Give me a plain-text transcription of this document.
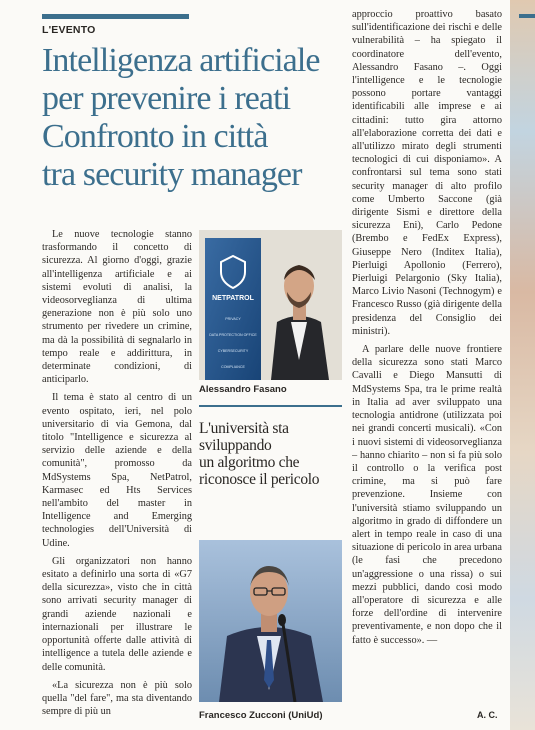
L'EVENTO
Intelligenza artificiale
per prevenire i reati
Confronto in città
tra security manager

Le nuove tecnologie stanno trasformando il concetto di sicurezza. Al giorno d'oggi, grazie all'intelligenza artificiale e ai sistemi evoluti di analisi, la videosorveglianza di ultima generazione non è più solo uno strumento per rivedere un crimine, ma dà la possibilità di segnalarlo in tempo reale e addirittura, in determinate condizioni, di anticiparlo.

Il tema è stato al centro di un evento ospitato, ieri, nel polo universitario di via Gemona, dal titolo "Intelligence e sicurezza al servizio delle aziende e della comunità", promosso da MdSystems Spa, NetPatrol, Karmasec ed Hts Services nell'ambito del master in Intelligence and Emerging technologies dell'Università di Udine.

Gli organizzatori non hanno esitato a definirlo una sorta di «G7 della sicurezza», visto che in città sono arrivati security manager di grandi aziende nazionali e internazionali per illustrare le opportunità offerte dalle attività di intelligence a tutela delle aziende e delle comunità.

«La sicurezza non è più solo quella "del fare", ma sta diventando sempre di più un

NETPATROL
PRIVACY
DATA PROTECTION OFFICE
CYBERSECURITY
COMPLIANCE
Alessandro Fasano
L'università sta
sviluppando
un algoritmo che
riconosce il pericolo
Francesco Zucconi (UniUd)

approccio proattivo basato sull'identificazione dei rischi e delle vulnerabilità – ha spiegato il coordinatore dell'evento, Alessandro Fasano –. Oggi l'intelligence e le tecnologie possono portare vantaggi identificabili alle imprese e ai cittadini: tutto gira attorno all'elaborazione corretta dei dati e all'utilizzo mirato degli strumenti tecnologici di cui disponiamo». A confrontarsi sul tema sono stati security manager di alto profilo come Umberto Saccone (già dirigente Sismi e direttore della sicurezza Eni), Carlo Pedone (Brembo e FedEx Express), Giuseppe Nero (Inditex Italia), Pierluigi Apollonio (Ferrero), Pierluigi Pelargonio (Sky Italia), Marco Livio Nasoni (Technogym) e Francesco Russo (già dirigente della presidenza del Consiglio dei ministri).

A parlare delle nuove frontiere della sicurezza sono stati Marco Cavalli e Diego Mansutti di MdSystems Spa, tra le prime realtà in Italia ad aver sviluppato una tecnologia antidrone (utilizzata poi nei grandi concerti musicali). «Con i nuovi sistemi di videosorveglianza – hanno chiarito – non si fa più solo il controllo o la verifica post crimine, ma si può fare prevenzione. Insieme con l'università stiamo sviluppando un algoritmo in grado di diffondere un alert in tempo reale in caso di una situazione di pericolo in area urbana (le fasi che precedono un'aggressione o una rissa) o sui mezzi pubblici, dando così modo all'operatore di sicurezza e alle forze dell'ordine di intervenire preventivamente, e non dopo che il fatto è successo». —

A. C.
